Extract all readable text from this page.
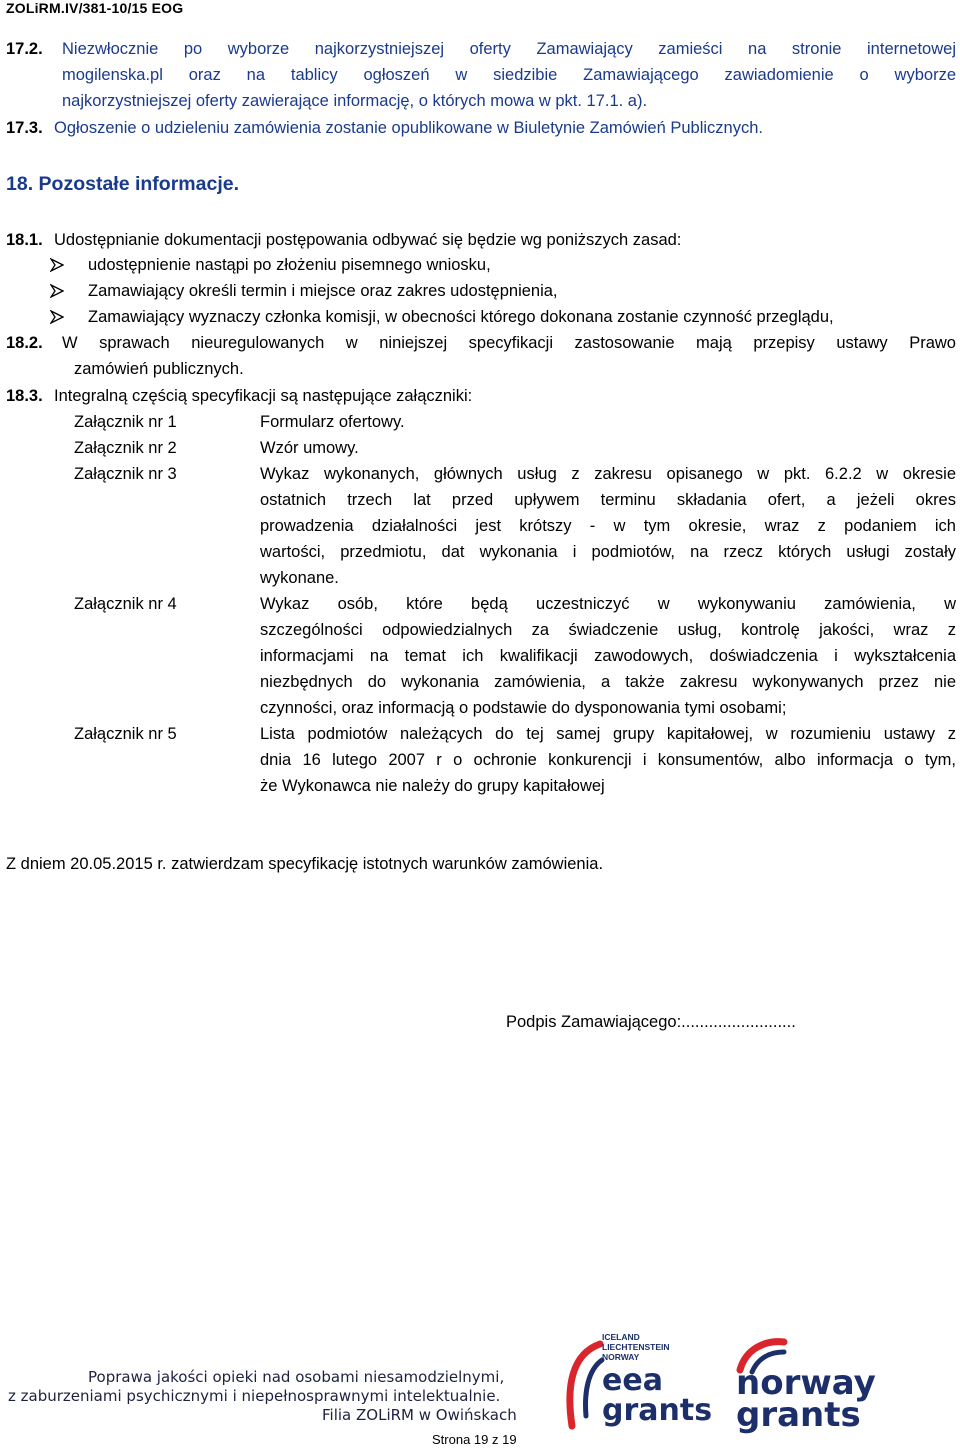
ZOLiRM.IV/381-10/15 EOG
17.2. Niezwłocznie po wyborze najkorzystniejszej oferty Zamawiający zamieści na stronie internetowej
mogilenska.pl oraz na tablicy ogłoszeń w siedzibie Zamawiającego zawiadomienie o wyborze
najkorzystniejszej oferty zawierające informację, o których mowa w pkt. 17.1. a).
17.3. Ogłoszenie o udzieleniu zamówienia zostanie opublikowane w Biuletynie Zamówień Publicznych.
18. Pozostałe informacje.
18.1. Udostępnianie dokumentacji postępowania odbywać się będzie wg poniższych zasad:
udostępnienie nastąpi po złożeniu pisemnego wniosku,
Zamawiający określi termin i miejsce oraz zakres udostępnienia,
Zamawiający wyznaczy członka komisji, w obecności którego dokonana zostanie czynność przeglądu,
18.2. W sprawach nieuregulowanych w niniejszej specyfikacji zastosowanie mają przepisy ustawy Prawo
zamówień publicznych.
18.3. Integralną częścią specyfikacji są następujące załączniki:
Załącznik nr 1	Formularz ofertowy.
Załącznik nr 2	Wzór umowy.
Załącznik nr 3	Wykaz wykonanych, głównych usług z zakresu opisanego w pkt. 6.2.2 w okresie
ostatnich trzech lat przed upływem terminu składania ofert, a jeżeli okres
prowadzenia działalności jest krótszy - w tym okresie, wraz z podaniem ich
wartości, przedmiotu, dat wykonania i podmiotów, na rzecz których usługi zostały
wykonane.
Załącznik nr 4	Wykaz osób, które będą uczestniczyć w wykonywaniu zamówienia, w
szczególności odpowiedzialnych za świadczenie usług, kontrolę jakości, wraz z
informacjami na temat ich kwalifikacji zawodowych, doświadczenia i wykształcenia
niezbędnych do wykonania zamówienia, a także zakresu wykonywanych przez nie
czynności, oraz informacją o podstawie do dysponowania tymi osobami;
Załącznik nr 5	Lista podmiotów należących do tej samej grupy kapitałowej, w rozumieniu ustawy z
dnia 16 lutego 2007 r o ochronie konkurencji i konsumentów, albo informacja o tym,
że Wykonawca nie należy do grupy kapitałowej
Z dniem 20.05.2015 r. zatwierdzam specyfikację istotnych warunków zamówienia.
Podpis Zamawiającego:.........................
Poprawa jakości opieki nad osobami niesamodzielnymi,
z zaburzeniami psychicznymi i niepełnosprawnymi intelektualnie.
Filia ZOLiRM w Owińskach
ICELAND
LIECHTENSTEIN
NORWAY
eea
grants
norway
grants
Strona 19 z 19
